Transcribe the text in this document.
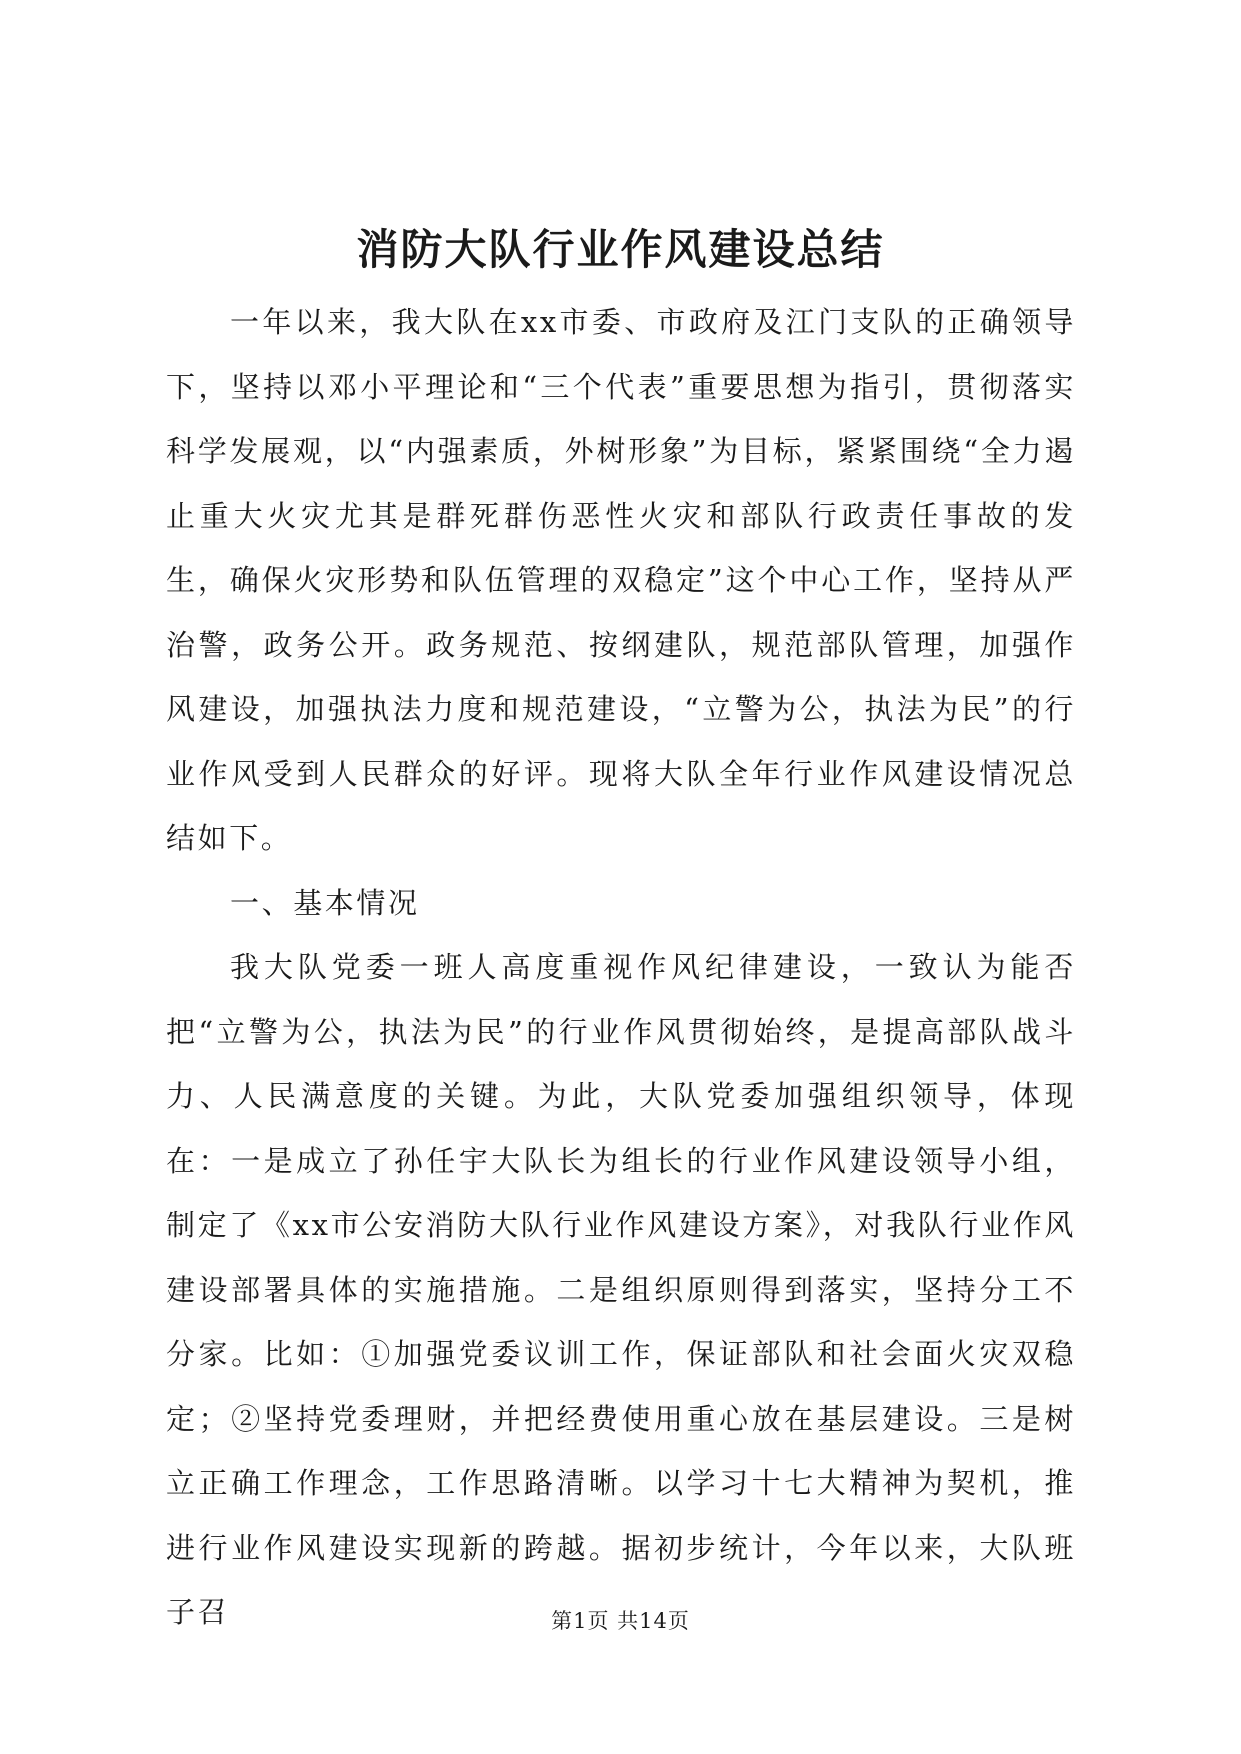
消防大队行业作风建设总结

一年以来，我大队在xx市委、市政府及江门支队的正确领导下，坚持以邓小平理论和“三个代表”重要思想为指引，贯彻落实科学发展观，以“内强素质，外树形象”为目标，紧紧围绕“全力遏止重大火灾尤其是群死群伤恶性火灾和部队行政责任事故的发生，确保火灾形势和队伍管理的双稳定”这个中心工作，坚持从严治警，政务公开。政务规范、按纲建队，规范部队管理，加强作风建设，加强执法力度和规范建设，“立警为公，执法为民”的行业作风受到人民群众的好评。现将大队全年行业作风建设情况总结如下。

一、基本情况

我大队党委一班人高度重视作风纪律建设，一致认为能否把“立警为公，执法为民”的行业作风贯彻始终，是提高部队战斗力、人民满意度的关键。为此，大队党委加强组织领导，体现在：一是成立了孙任宇大队长为组长的行业作风建设领导小组，制定了《xx市公安消防大队行业作风建设方案》，对我队行业作风建设部署具体的实施措施。二是组织原则得到落实，坚持分工不分家。比如：①加强党委议训工作，保证部队和社会面火灾双稳定；②坚持党委理财，并把经费使用重心放在基层建设。三是树立正确工作理念，工作思路清晰。以学习十七大精神为契机，推进行业作风建设实现新的跨越。据初步统计，今年以来，大队班子召	第1页 共14页
